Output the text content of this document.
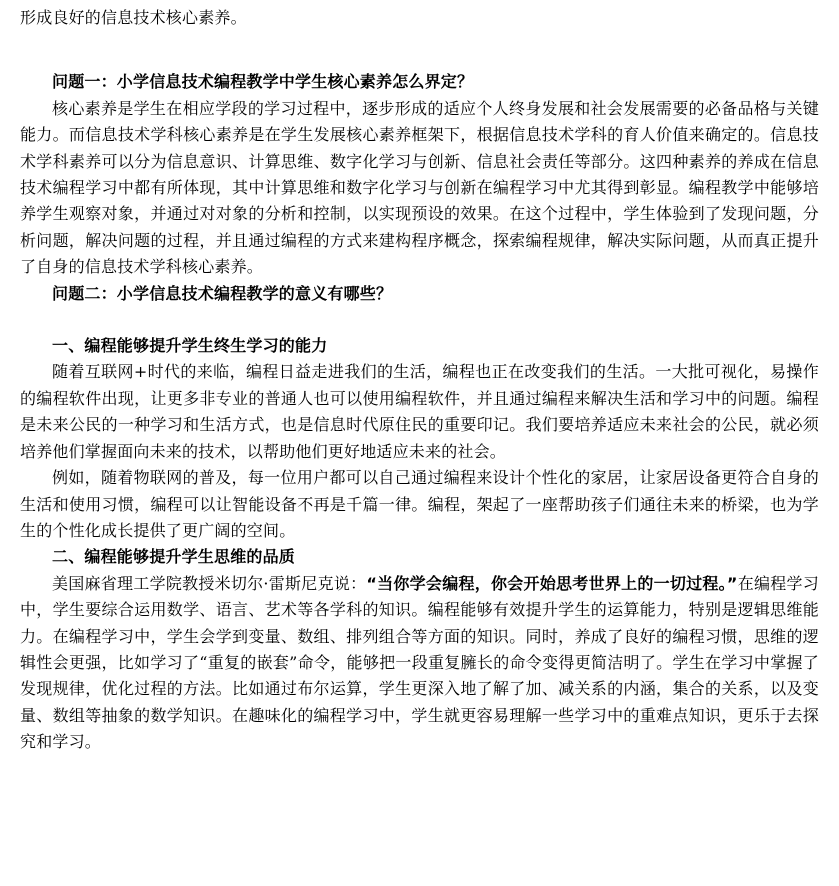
形成良好的信息技术核心素养。

问题一：小学信息技术编程教学中学生核心素养怎么界定？

核心素养是学生在相应学段的学习过程中，逐步形成的适应个人终身发展和社会发展需要的必备品格与关键能力。而信息技术学科核心素养是在学生发展核心素养框架下，根据信息技术学科的育人价值来确定的。信息技术学科素养可以分为信息意识、计算思维、数字化学习与创新、信息社会责任等部分。这四种素养的养成在信息技术编程学习中都有所体现，其中计算思维和数字化学习与创新在编程学习中尤其得到彰显。编程教学中能够培养学生观察对象，并通过对对象的分析和控制，以实现预设的效果。在这个过程中，学生体验到了发现问题，分析问题，解决问题的过程，并且通过编程的方式来建构程序概念，探索编程规律，解决实际问题，从而真正提升了自身的信息技术学科核心素养。

问题二：小学信息技术编程教学的意义有哪些？

一、编程能够提升学生终生学习的能力

随着互联网+时代的来临，编程日益走进我们的生活，编程也正在改变我们的生活。一大批可视化，易操作的编程软件出现，让更多非专业的普通人也可以使用编程软件，并且通过编程来解决生活和学习中的问题。编程是未来公民的一种学习和生活方式，也是信息时代原住民的重要印记。我们要培养适应未来社会的公民，就必须培养他们掌握面向未来的技术，以帮助他们更好地适应未来的社会。

例如，随着物联网的普及，每一位用户都可以自己通过编程来设计个性化的家居，让家居设备更符合自身的生活和使用习惯，编程可以让智能设备不再是千篇一律。编程，架起了一座帮助孩子们通往未来的桥梁，也为学生的个性化成长提供了更广阔的空间。

二、编程能够提升学生思维的品质

美国麻省理工学院教授米切尔·雷斯尼克说：“当你学会编程，你会开始思考世界上的一切过程。”在编程学习中，学生要综合运用数学、语言、艺术等各学科的知识。编程能够有效提升学生的运算能力，特别是逻辑思维能力。在编程学习中，学生会学到变量、数组、排列组合等方面的知识。同时，养成了良好的编程习惯，思维的逻辑性会更强，比如学习了“重复的嵌套”命令，能够把一段重复臃长的命令变得更简洁明了。学生在学习中掌握了发现规律，优化过程的方法。比如通过布尔运算，学生更深入地了解了加、减关系的内涵，集合的关系，以及变量、数组等抽象的数学知识。在趣味化的编程学习中，学生就更容易理解一些学习中的重难点知识，更乐于去探究和学习。
